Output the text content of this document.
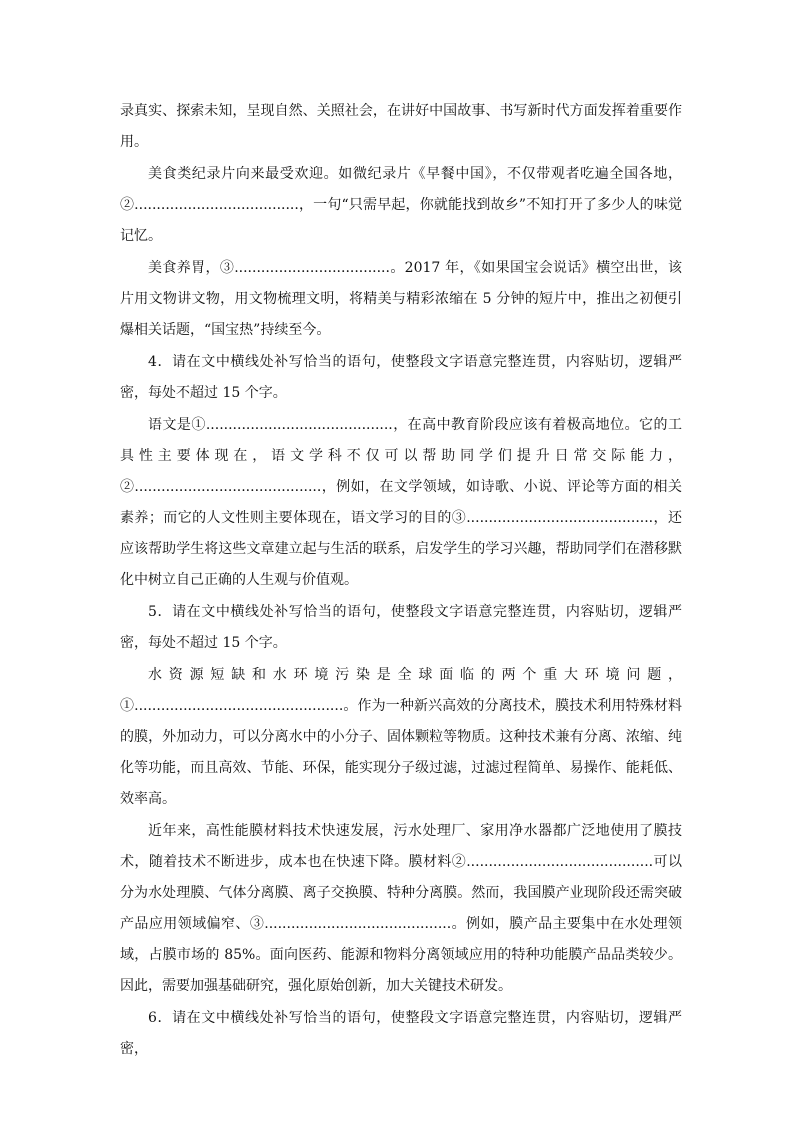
录真实、探索未知，呈现自然、关照社会，在讲好中国故事、书写新时代方面发挥着重要作用。

美食类纪录片向来最受欢迎。如微纪录片《早餐中国》，不仅带观者吃遍全国各地，②.....................................，一句“只需早起，你就能找到故乡”不知打开了多少人的味觉记忆。

美食养胃，③...................................。2017 年，《如果国宝会说话》横空出世，该片用文物讲文物，用文物梳理文明，将精美与精彩浓缩在 5 分钟的短片中，推出之初便引爆相关话题，“国宝热”持续至今。

4．请在文中横线处补写恰当的语句，使整段文字语意完整连贯，内容贴切，逻辑严密，每处不超过 15 个字。

语文是①..........................................，在高中教育阶段应该有着极高地位。它的工具性主要体现在，语文学科不仅可以帮助同学们提升日常交际能力，②..........................................，例如，在文学领域，如诗歌、小说、评论等方面的相关素养；而它的人文性则主要体现在，语文学习的目的③..........................................，还应该帮助学生将这些文章建立起与生活的联系，启发学生的学习兴趣，帮助同学们在潜移默化中树立自己正确的人生观与价值观。

5．请在文中横线处补写恰当的语句，使整段文字语意完整连贯，内容贴切，逻辑严密，每处不超过 15 个字。

水资源短缺和水环境污染是全球面临的两个重大环境问题，①...............................................。作为一种新兴高效的分离技术，膜技术利用特殊材料的膜，外加动力，可以分离水中的小分子、固体颗粒等物质。这种技术兼有分离、浓缩、纯化等功能，而且高效、节能、环保，能实现分子级过滤，过滤过程简单、易操作、能耗低、效率高。

近年来，高性能膜材料技术快速发展，污水处理厂、家用净水器都广泛地使用了膜技术，随着技术不断进步，成本也在快速下降。膜材料②..........................................可以分为水处理膜、气体分离膜、离子交换膜、特种分离膜。然而，我国膜产业现阶段还需突破产品应用领域偏窄、③..........................................。例如，膜产品主要集中在水处理领域，占膜市场的 85%。面向医药、能源和物料分离领域应用的特种功能膜产品品类较少。因此，需要加强基础研究，强化原始创新，加大关键技术研发。

6．请在文中横线处补写恰当的语句，使整段文字语意完整连贯，内容贴切，逻辑严密，
